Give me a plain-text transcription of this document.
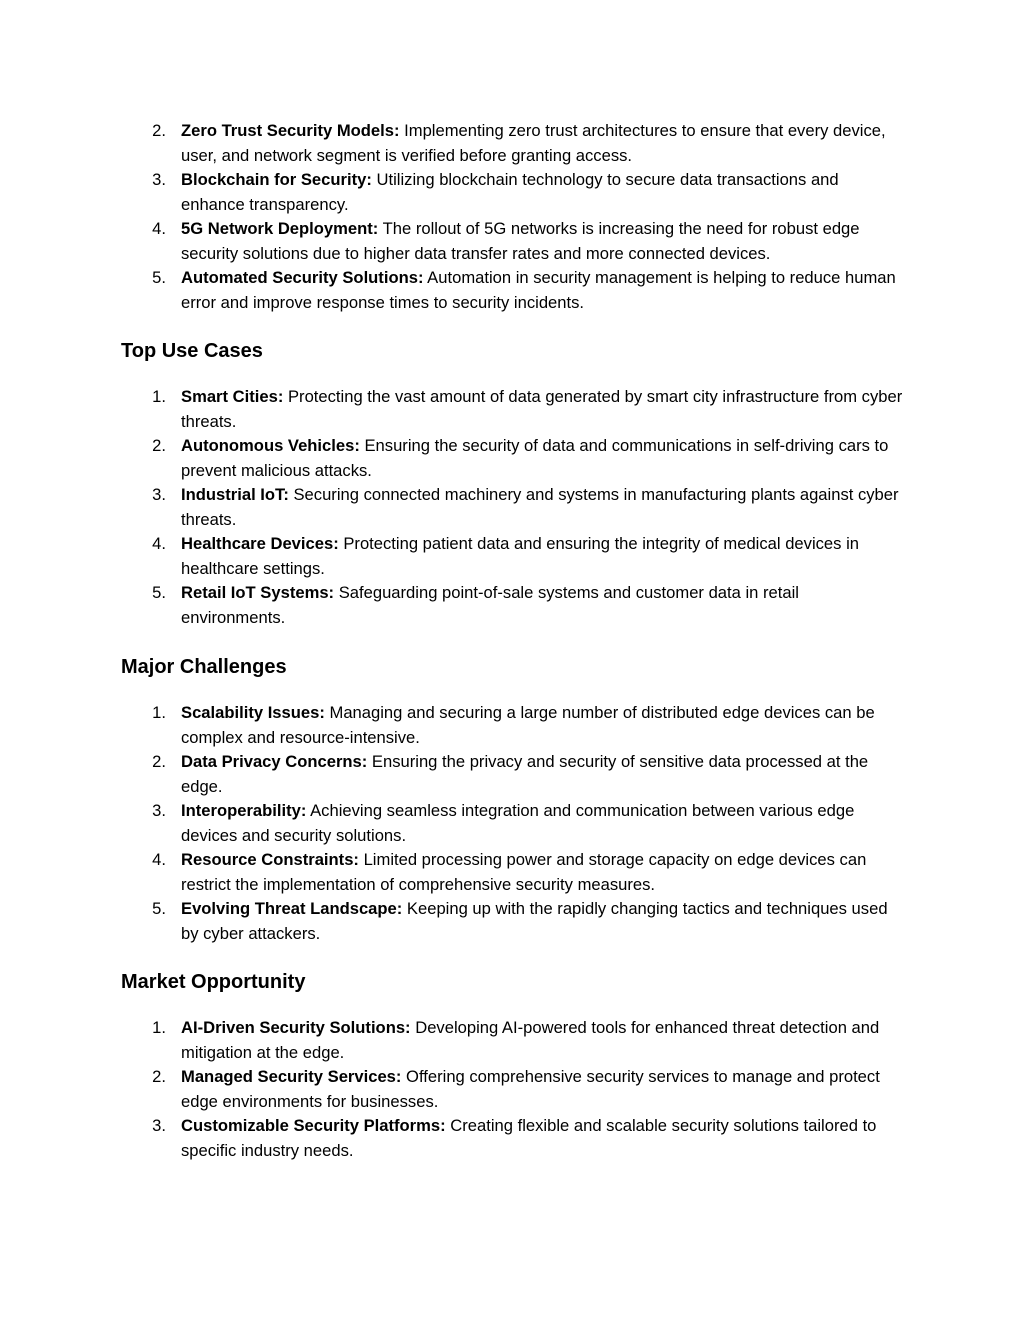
2. Zero Trust Security Models: Implementing zero trust architectures to ensure that every device, user, and network segment is verified before granting access.
3. Blockchain for Security: Utilizing blockchain technology to secure data transactions and enhance transparency.
4. 5G Network Deployment: The rollout of 5G networks is increasing the need for robust edge security solutions due to higher data transfer rates and more connected devices.
5. Automated Security Solutions: Automation in security management is helping to reduce human error and improve response times to security incidents.
Top Use Cases
1. Smart Cities: Protecting the vast amount of data generated by smart city infrastructure from cyber threats.
2. Autonomous Vehicles: Ensuring the security of data and communications in self-driving cars to prevent malicious attacks.
3. Industrial IoT: Securing connected machinery and systems in manufacturing plants against cyber threats.
4. Healthcare Devices: Protecting patient data and ensuring the integrity of medical devices in healthcare settings.
5. Retail IoT Systems: Safeguarding point-of-sale systems and customer data in retail environments.
Major Challenges
1. Scalability Issues: Managing and securing a large number of distributed edge devices can be complex and resource-intensive.
2. Data Privacy Concerns: Ensuring the privacy and security of sensitive data processed at the edge.
3. Interoperability: Achieving seamless integration and communication between various edge devices and security solutions.
4. Resource Constraints: Limited processing power and storage capacity on edge devices can restrict the implementation of comprehensive security measures.
5. Evolving Threat Landscape: Keeping up with the rapidly changing tactics and techniques used by cyber attackers.
Market Opportunity
1. AI-Driven Security Solutions: Developing AI-powered tools for enhanced threat detection and mitigation at the edge.
2. Managed Security Services: Offering comprehensive security services to manage and protect edge environments for businesses.
3. Customizable Security Platforms: Creating flexible and scalable security solutions tailored to specific industry needs.
